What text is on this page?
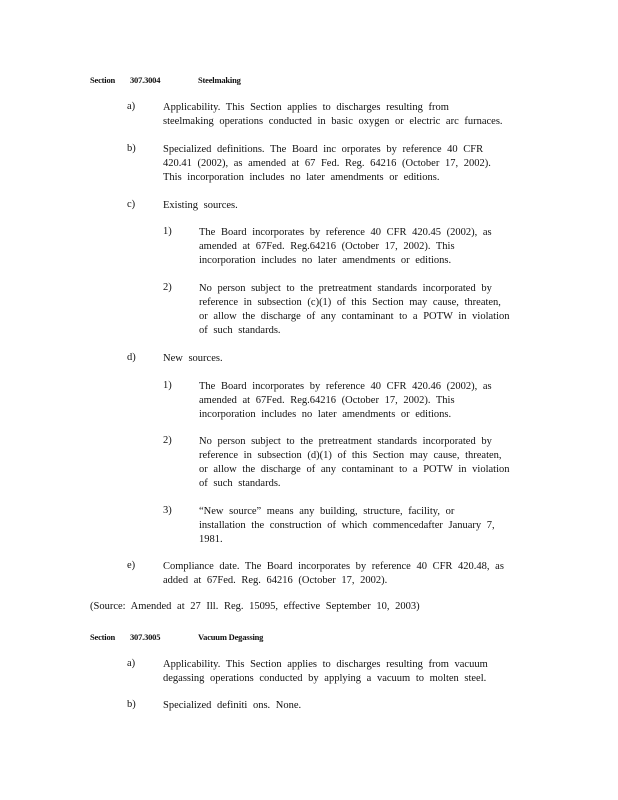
Section 307.3004	Steelmaking
a)	Applicability. This Section applies to discharges resulting from
steelmaking operations conducted in basic oxygen or electric arc furnaces.
b)	Specialized definitions. The Board inc orporates by reference 40 CFR
420.41 (2002), as amended at 67 Fed. Reg. 64216 (October 17, 2002).
This incorporation includes no later amendments or editions.
c)	Existing sources.
1)	The Board incorporates by reference 40 CFR 420.45 (2002), as
amended at 67Fed. Reg.64216 (October 17, 2002). This
incorporation includes no later amendments or editions.
2)	No person subject to the pretreatment standards incorporated by
reference in subsection (c)(1) of this Section may cause, threaten,
or allow the discharge of any contaminant to a POTW in violation
of such standards.
d)	New sources.
1)	The Board incorporates by reference 40 CFR 420.46 (2002), as
amended at 67Fed. Reg.64216 (October 17, 2002). This
incorporation includes no later amendments or editions.
2)	No person subject to the pretreatment standards incorporated by
reference in subsection (d)(1) of this Section may cause, threaten,
or allow the discharge of any contaminant to a POTW in violation
of such standards.
3)	“New source” means any building, structure, facility, or
installation the construction of which commencedafter January 7,
1981.
e)	Compliance date. The Board incorporates by reference 40 CFR 420.48, as
added at 67Fed. Reg. 64216 (October 17, 2002).
(Source: Amended at 27 Ill. Reg. 15095, effective September 10, 2003)
Section 307.3005	Vacuum Degassing
a)	Applicability. This Section applies to discharges resulting from vacuum
degassing operations conducted by applying a vacuum to molten steel.
b)	Specialized definiti ons. None.
